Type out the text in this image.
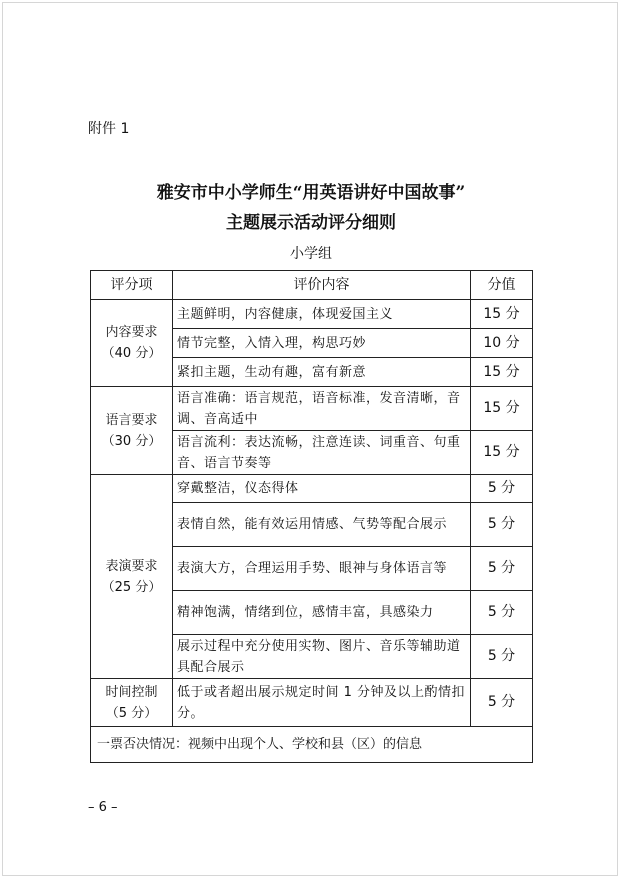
附件 1
雅安市中小学师生“用英语讲好中国故事”
主题展示活动评分细则
小学组
评分项	评价内容	分值

内容要求
（40 分）	主题鲜明，内容健康，体现爱国主义	15 分
	情节完整，入情入理，构思巧妙	10 分
	紧扣主题，生动有趣，富有新意	15 分

语言要求
（30 分）	语言准确：语言规范，语音标准，发音清晰，音调、音高适中	15 分
	语言流利：表达流畅，注意连读、词重音、句重音、语言节奏等	15 分

表演要求
（25 分）	穿戴整洁，仪态得体	5 分
	表情自然，能有效运用情感、气势等配合展示	5 分
	表演大方，合理运用手势、眼神与身体语言等	5 分
	精神饱满，情绪到位，感情丰富，具感染力	5 分
	展示过程中充分使用实物、图片、音乐等辅助道具配合展示	5 分

时间控制
（5 分）	低于或者超出展示规定时间 1 分钟及以上酌情扣分。	5 分
一票否决情况：视频中出现个人、学校和县（区）的信息		
– 6 –
